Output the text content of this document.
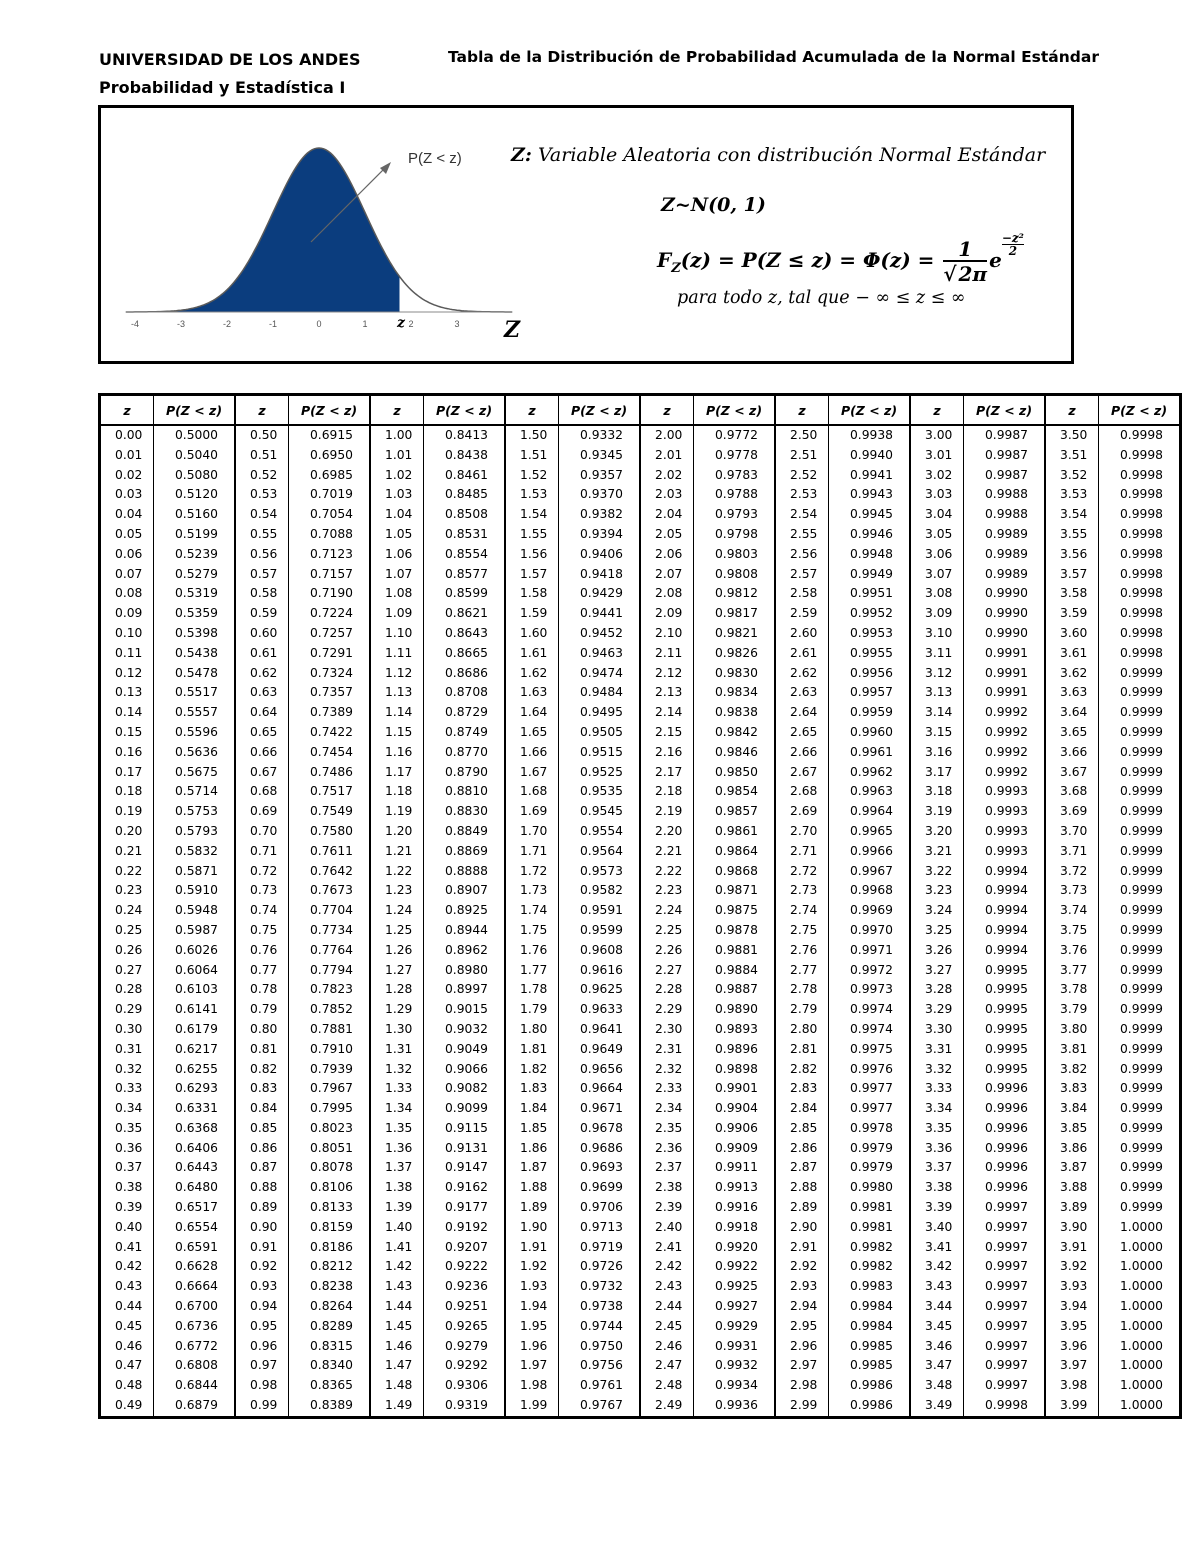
UNIVERSIDAD DE LOS ANDES
Probabilidad y Estadística I
Tabla de la Distribución de Probabilidad Acumulada de la Normal Estándar
-4	-3	-2	-1	0	1	2	3
P(Z < z)
z	Z
Z: Variable Aleatoria con distribución Normal Estándar
Z~N(0, 1)
$F_Z(z) = P(Z \le z) = \Phi(z) = \frac{1}{√ 2\pi}$ e
$\frac{\text{−z²}}{2}$
para todo z, tal que − ∞ ≤ z ≤ ∞
z	P(Z < z)	z	P(Z < z)	z	P(Z < z)	z	P(Z < z)	z	P(Z < z)	z	P(Z < z)	z	P(Z < z)	z	P(Z < z)
0.00	0.5000	0.50	0.6915	1.00	0.8413	1.50	0.9332	2.00	0.9772	2.50	0.9938	3.00	0.9987	3.50	0.9998
0.01	0.5040	0.51	0.6950	1.01	0.8438	1.51	0.9345	2.01	0.9778	2.51	0.9940	3.01	0.9987	3.51	0.9998
0.02	0.5080	0.52	0.6985	1.02	0.8461	1.52	0.9357	2.02	0.9783	2.52	0.9941	3.02	0.9987	3.52	0.9998
0.03	0.5120	0.53	0.7019	1.03	0.8485	1.53	0.9370	2.03	0.9788	2.53	0.9943	3.03	0.9988	3.53	0.9998
0.04	0.5160	0.54	0.7054	1.04	0.8508	1.54	0.9382	2.04	0.9793	2.54	0.9945	3.04	0.9988	3.54	0.9998
0.05	0.5199	0.55	0.7088	1.05	0.8531	1.55	0.9394	2.05	0.9798	2.55	0.9946	3.05	0.9989	3.55	0.9998
0.06	0.5239	0.56	0.7123	1.06	0.8554	1.56	0.9406	2.06	0.9803	2.56	0.9948	3.06	0.9989	3.56	0.9998
0.07	0.5279	0.57	0.7157	1.07	0.8577	1.57	0.9418	2.07	0.9808	2.57	0.9949	3.07	0.9989	3.57	0.9998
0.08	0.5319	0.58	0.7190	1.08	0.8599	1.58	0.9429	2.08	0.9812	2.58	0.9951	3.08	0.9990	3.58	0.9998
0.09	0.5359	0.59	0.7224	1.09	0.8621	1.59	0.9441	2.09	0.9817	2.59	0.9952	3.09	0.9990	3.59	0.9998
0.10	0.5398	0.60	0.7257	1.10	0.8643	1.60	0.9452	2.10	0.9821	2.60	0.9953	3.10	0.9990	3.60	0.9998
0.11	0.5438	0.61	0.7291	1.11	0.8665	1.61	0.9463	2.11	0.9826	2.61	0.9955	3.11	0.9991	3.61	0.9998
0.12	0.5478	0.62	0.7324	1.12	0.8686	1.62	0.9474	2.12	0.9830	2.62	0.9956	3.12	0.9991	3.62	0.9999
0.13	0.5517	0.63	0.7357	1.13	0.8708	1.63	0.9484	2.13	0.9834	2.63	0.9957	3.13	0.9991	3.63	0.9999
0.14	0.5557	0.64	0.7389	1.14	0.8729	1.64	0.9495	2.14	0.9838	2.64	0.9959	3.14	0.9992	3.64	0.9999
0.15	0.5596	0.65	0.7422	1.15	0.8749	1.65	0.9505	2.15	0.9842	2.65	0.9960	3.15	0.9992	3.65	0.9999
0.16	0.5636	0.66	0.7454	1.16	0.8770	1.66	0.9515	2.16	0.9846	2.66	0.9961	3.16	0.9992	3.66	0.9999
0.17	0.5675	0.67	0.7486	1.17	0.8790	1.67	0.9525	2.17	0.9850	2.67	0.9962	3.17	0.9992	3.67	0.9999
0.18	0.5714	0.68	0.7517	1.18	0.8810	1.68	0.9535	2.18	0.9854	2.68	0.9963	3.18	0.9993	3.68	0.9999
0.19	0.5753	0.69	0.7549	1.19	0.8830	1.69	0.9545	2.19	0.9857	2.69	0.9964	3.19	0.9993	3.69	0.9999
0.20	0.5793	0.70	0.7580	1.20	0.8849	1.70	0.9554	2.20	0.9861	2.70	0.9965	3.20	0.9993	3.70	0.9999
0.21	0.5832	0.71	0.7611	1.21	0.8869	1.71	0.9564	2.21	0.9864	2.71	0.9966	3.21	0.9993	3.71	0.9999
0.22	0.5871	0.72	0.7642	1.22	0.8888	1.72	0.9573	2.22	0.9868	2.72	0.9967	3.22	0.9994	3.72	0.9999
0.23	0.5910	0.73	0.7673	1.23	0.8907	1.73	0.9582	2.23	0.9871	2.73	0.9968	3.23	0.9994	3.73	0.9999
0.24	0.5948	0.74	0.7704	1.24	0.8925	1.74	0.9591	2.24	0.9875	2.74	0.9969	3.24	0.9994	3.74	0.9999
0.25	0.5987	0.75	0.7734	1.25	0.8944	1.75	0.9599	2.25	0.9878	2.75	0.9970	3.25	0.9994	3.75	0.9999
0.26	0.6026	0.76	0.7764	1.26	0.8962	1.76	0.9608	2.26	0.9881	2.76	0.9971	3.26	0.9994	3.76	0.9999
0.27	0.6064	0.77	0.7794	1.27	0.8980	1.77	0.9616	2.27	0.9884	2.77	0.9972	3.27	0.9995	3.77	0.9999
0.28	0.6103	0.78	0.7823	1.28	0.8997	1.78	0.9625	2.28	0.9887	2.78	0.9973	3.28	0.9995	3.78	0.9999
0.29	0.6141	0.79	0.7852	1.29	0.9015	1.79	0.9633	2.29	0.9890	2.79	0.9974	3.29	0.9995	3.79	0.9999
0.30	0.6179	0.80	0.7881	1.30	0.9032	1.80	0.9641	2.30	0.9893	2.80	0.9974	3.30	0.9995	3.80	0.9999
0.31	0.6217	0.81	0.7910	1.31	0.9049	1.81	0.9649	2.31	0.9896	2.81	0.9975	3.31	0.9995	3.81	0.9999
0.32	0.6255	0.82	0.7939	1.32	0.9066	1.82	0.9656	2.32	0.9898	2.82	0.9976	3.32	0.9995	3.82	0.9999
0.33	0.6293	0.83	0.7967	1.33	0.9082	1.83	0.9664	2.33	0.9901	2.83	0.9977	3.33	0.9996	3.83	0.9999
0.34	0.6331	0.84	0.7995	1.34	0.9099	1.84	0.9671	2.34	0.9904	2.84	0.9977	3.34	0.9996	3.84	0.9999
0.35	0.6368	0.85	0.8023	1.35	0.9115	1.85	0.9678	2.35	0.9906	2.85	0.9978	3.35	0.9996	3.85	0.9999
0.36	0.6406	0.86	0.8051	1.36	0.9131	1.86	0.9686	2.36	0.9909	2.86	0.9979	3.36	0.9996	3.86	0.9999
0.37	0.6443	0.87	0.8078	1.37	0.9147	1.87	0.9693	2.37	0.9911	2.87	0.9979	3.37	0.9996	3.87	0.9999
0.38	0.6480	0.88	0.8106	1.38	0.9162	1.88	0.9699	2.38	0.9913	2.88	0.9980	3.38	0.9996	3.88	0.9999
0.39	0.6517	0.89	0.8133	1.39	0.9177	1.89	0.9706	2.39	0.9916	2.89	0.9981	3.39	0.9997	3.89	0.9999
0.40	0.6554	0.90	0.8159	1.40	0.9192	1.90	0.9713	2.40	0.9918	2.90	0.9981	3.40	0.9997	3.90	1.0000
0.41	0.6591	0.91	0.8186	1.41	0.9207	1.91	0.9719	2.41	0.9920	2.91	0.9982	3.41	0.9997	3.91	1.0000
0.42	0.6628	0.92	0.8212	1.42	0.9222	1.92	0.9726	2.42	0.9922	2.92	0.9982	3.42	0.9997	3.92	1.0000
0.43	0.6664	0.93	0.8238	1.43	0.9236	1.93	0.9732	2.43	0.9925	2.93	0.9983	3.43	0.9997	3.93	1.0000
0.44	0.6700	0.94	0.8264	1.44	0.9251	1.94	0.9738	2.44	0.9927	2.94	0.9984	3.44	0.9997	3.94	1.0000
0.45	0.6736	0.95	0.8289	1.45	0.9265	1.95	0.9744	2.45	0.9929	2.95	0.9984	3.45	0.9997	3.95	1.0000
0.46	0.6772	0.96	0.8315	1.46	0.9279	1.96	0.9750	2.46	0.9931	2.96	0.9985	3.46	0.9997	3.96	1.0000
0.47	0.6808	0.97	0.8340	1.47	0.9292	1.97	0.9756	2.47	0.9932	2.97	0.9985	3.47	0.9997	3.97	1.0000
0.48	0.6844	0.98	0.8365	1.48	0.9306	1.98	0.9761	2.48	0.9934	2.98	0.9986	3.48	0.9997	3.98	1.0000
0.49	0.6879	0.99	0.8389	1.49	0.9319	1.99	0.9767	2.49	0.9936	2.99	0.9986	3.49	0.9998	3.99	1.0000
